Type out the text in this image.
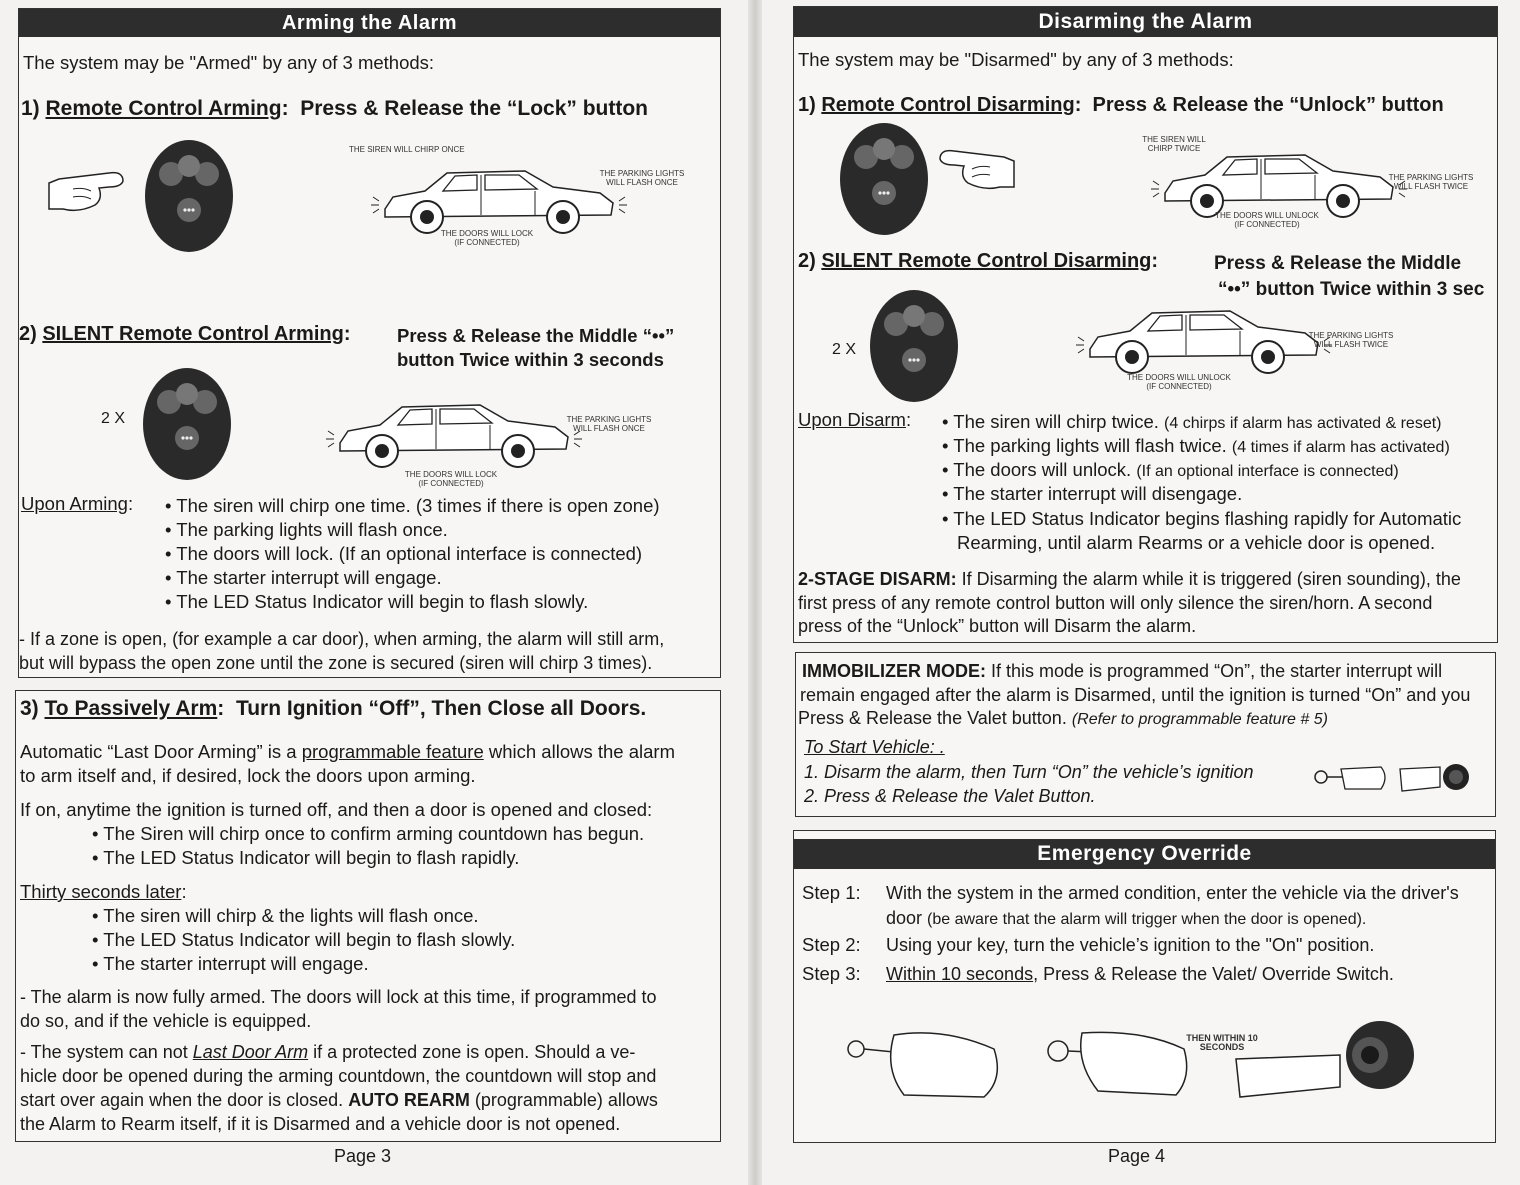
Arming the Alarm
The system may be "Armed" by any of 3 methods:
1) Remote Control Arming: Press & Release the “Lock” button
THE SIREN WILL CHIRP ONCE
THE PARKING LIGHTS WILL FLASH ONCE
THE DOORS WILL LOCK (IF CONNECTED)
2) SILENT Remote Control Arming:	Press & Release the Middle “••”
button Twice within 3 seconds
2 X	THE PARKING LIGHTS WILL FLASH ONCE
THE DOORS WILL LOCK (IF CONNECTED)
Upon Arming: • The siren will chirp one time. (3 times if there is open zone)
• The parking lights will flash once.
• The doors will lock. (If an optional interface is connected)
• The starter interrupt will engage.
• The LED Status Indicator will begin to flash slowly.
- If a zone is open, (for example a car door), when arming, the alarm will still arm,
but will bypass the open zone until the zone is secured (siren will chirp 3 times).
3) To Passively Arm: Turn Ignition “Off”, Then Close all Doors.
Automatic “Last Door Arming” is a programmable feature which allows the alarm
to arm itself and, if desired, lock the doors upon arming.
If on, anytime the ignition is turned off, and then a door is opened and closed:
• The Siren will chirp once to confirm arming countdown has begun.
• The LED Status Indicator will begin to flash rapidly.
Thirty seconds later:
• The siren will chirp & the lights will flash once.
• The LED Status Indicator will begin to flash slowly.
• The starter interrupt will engage.
- The alarm is now fully armed. The doors will lock at this time, if programmed to
do so, and if the vehicle is equipped.
- The system can not Last Door Arm if a protected zone is open. Should a ve-
hicle door be opened during the arming countdown, the countdown will stop and
start over again when the door is closed. AUTO REARM (programmable) allows
the Alarm to Rearm itself, if it is Disarmed and a vehicle door is not opened.
Page 3
Disarming the Alarm
The system may be "Disarmed" by any of 3 methods:
1) Remote Control Disarming: Press & Release the “Unlock” button
THE SIREN WILL CHIRP TWICE
THE PARKING LIGHTS WILL FLASH TWICE
THE DOORS WILL UNLOCK (IF CONNECTED)
2) SILENT Remote Control Disarming:	Press & Release the Middle
“••” button Twice within 3 sec
2 X
THE PARKING LIGHTS WILL FLASH TWICE
THE DOORS WILL UNLOCK (IF CONNECTED)
Upon Disarm: • The siren will chirp twice. (4 chirps if alarm has activated & reset)
• The parking lights will flash twice. (4 times if alarm has activated)
• The doors will unlock. (If an optional interface is connected)
• The starter interrupt will disengage.
• The LED Status Indicator begins flashing rapidly for Automatic
Rearming, until alarm Rearms or a vehicle door is opened.
2-STAGE DISARM: If Disarming the alarm while it is triggered (siren sounding), the
first press of any remote control button will only silence the siren/horn. A second
press of the “Unlock” button will Disarm the alarm.
IMMOBILIZER MODE: If this mode is programmed “On”, the starter interrupt will
remain engaged after the alarm is Disarmed, until the ignition is turned “On” and you
Press & Release the Valet button. (Refer to programmable feature # 5)
To Start Vehicle: .
1. Disarm the alarm, then Turn “On” the vehicle’s ignition
2. Press & Release the Valet Button.
Emergency Override
Step 1: With the system in the armed condition, enter the vehicle via the driver's
door (be aware that the alarm will trigger when the door is opened).
Step 2: Using your key, turn the vehicle’s ignition to the "On" position.
Step 3: Within 10 seconds, Press & Release the Valet/ Override Switch.
THEN WITHIN 10 SECONDS
Page 4
